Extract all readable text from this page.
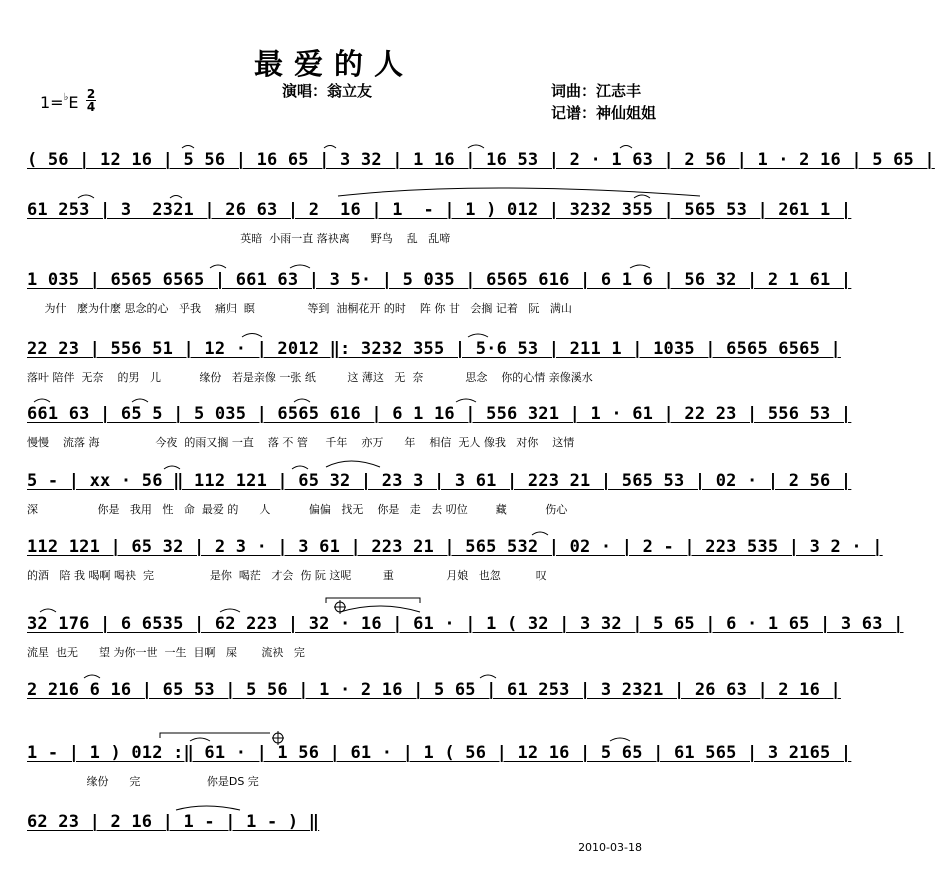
最爱的人
演唱：翁立友	词曲：江志丰
记谱：神仙姐姐
1=♭E 2
4
( 56 | 12 16 | 5 56 | 16 65 | 3 32 | 1 16 | 16 53 | 2 · 1 63 | 2 56 | 1 · 2 16 | 5 65 |
61 253 | 3  2321 | 26 63 | 2  16 | 1  - | 1 ) 012 | 3232 355 | 565 53 | 261 1 |
英暗  小雨一直 落袂离      野鸟    乱   乱啼
1 035 | 6565 6565 | 661 63 | 3 5· | 5 035 | 6565 616 | 6 1 6 | 56 32 | 2 1 61 |
为什   麼为什麼 思念的心   乎我    痛归  瞑               等到  油桐花开 的时    阵 你 甘   会搁 记着   阮   满山
22 23 | 556 51 | 12 · | 2012 ‖: 3232 355 | 5·6 53 | 211 1 | 1035 | 6565 6565 |
落叶 陪伴  无奈    的男   儿           缘份   若是亲像 一张 纸         这 薄这   无  奈            思念    你的心情 亲像溪水
661 63 | 65 5 | 5 035 | 6565 616 | 6 1 16 | 556 321 | 1 · 61 | 22 23 | 556 53 |
慢慢    流落 海                今夜  的雨又搁 一直    落 不 管     千年    亦万      年    相信  无人 像我   对你    这情
5 - | xx · 56 ‖ 112 121 | 65 32 | 23 3 | 3 61 | 223 21 | 565 53 | 02 · | 2 56 |
深                 你是   我用   性   命  最爱 的      人           偏偏   找无    你是   走   去 叨位        藏           伤心
112 121 | 65 32 | 2 3 · | 3 61 | 223 21 | 565 532 | 02 · | 2 - | 223 535 | 3 2 · |
的酒   陪 我 喝啊 喝袂  完                是你  喝茫   才会  伤 阮 这呢         重               月娘   也忽          叹
32 176 | 6 6535 | 62 223 | 32 · 16 | 61 · | 1 ( 32 | 3 32 | 5 65 | 6 · 1 65 | 3 63 |
流星  也无      望 为你一世  一生  目啊   屎       流袂   完
2 216 6 16 | 65 53 | 5 56 | 1 · 2 16 | 5 65 | 61 253 | 3 2321 | 26 63 | 2 16 |
1 - | 1 ) 012 :‖ 61 · | 1 56 | 61 · | 1 ( 56 | 12 16 | 5 65 | 61 565 | 3 2165 |
缘份      完                   你是DS 完
62 23 | 2 16 | 1 - | 1 - ) ‖
2010-03-18
